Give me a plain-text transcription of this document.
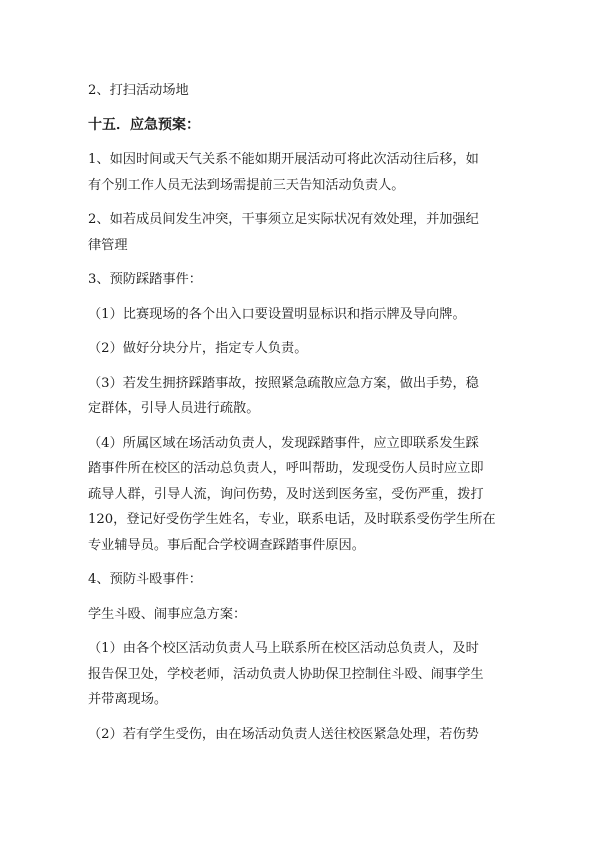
2、打扫活动场地

十五．应急预案：

1、如因时间或天气关系不能如期开展活动可将此次活动往后移，如

有个别工作人员无法到场需提前三天告知活动负责人。

2、如若成员间发生冲突，干事须立足实际状况有效处理，并加强纪

律管理

3、预防踩踏事件：

（1）比赛现场的各个出入口要设置明显标识和指示牌及导向牌。

（2）做好分块分片，指定专人负责。

（3）若发生拥挤踩踏事故，按照紧急疏散应急方案，做出手势，稳

定群体，引导人员进行疏散。

（4）所属区域在场活动负责人，发现踩踏事件，应立即联系发生踩

踏事件所在校区的活动总负责人，呼叫帮助，发现受伤人员时应立即

疏导人群，引导人流，询问伤势，及时送到医务室，受伤严重，拨打

120，登记好受伤学生姓名，专业，联系电话，及时联系受伤学生所在

专业辅导员。事后配合学校调查踩踏事件原因。

4、预防斗殴事件：

学生斗殴、闹事应急方案：

（1）由各个校区活动负责人马上联系所在校区活动总负责人，及时

报告保卫处，学校老师，活动负责人协助保卫控制住斗殴、闹事学生

并带离现场。

（2）若有学生受伤，由在场活动负责人送往校医紧急处理，若伤势
